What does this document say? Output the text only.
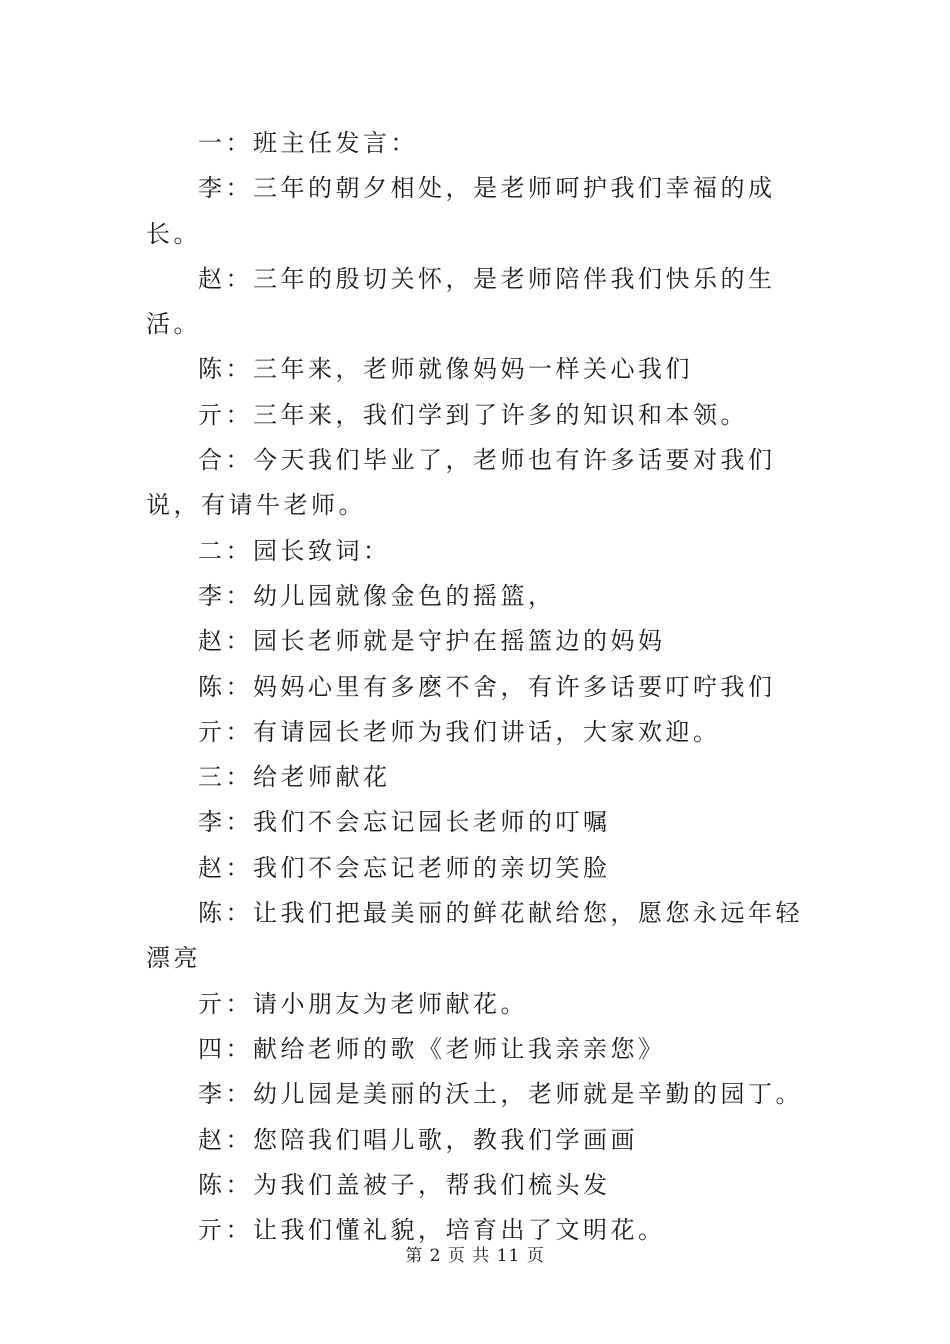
一：班主任发言：

李：三年的朝夕相处，是老师呵护我们幸福的成长。

赵：三年的殷切关怀，是老师陪伴我们快乐的生活。

陈：三年来，老师就像妈妈一样关心我们

亓：三年来，我们学到了许多的知识和本领。

合：今天我们毕业了，老师也有许多话要对我们说，有请牛老师。

二：园长致词：

李：幼儿园就像金色的摇篮，

赵：园长老师就是守护在摇篮边的妈妈

陈：妈妈心里有多麽不舍，有许多话要叮咛我们

亓：有请园长老师为我们讲话，大家欢迎。

三：给老师献花

李：我们不会忘记园长老师的叮嘱

赵：我们不会忘记老师的亲切笑脸

陈：让我们把最美丽的鲜花献给您，愿您永远年轻漂亮

亓：请小朋友为老师献花。

四：献给老师的歌《老师让我亲亲您》

李：幼儿园是美丽的沃土，老师就是辛勤的园丁。

赵：您陪我们唱儿歌，教我们学画画

陈：为我们盖被子，帮我们梳头发

亓：让我们懂礼貌，培育出了文明花。

第 2 页 共 11 页
